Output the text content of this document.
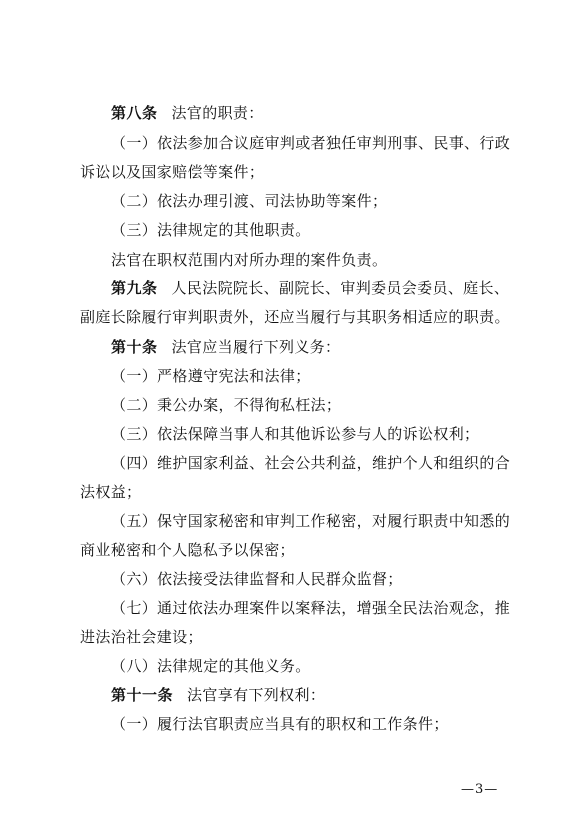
第八条 法官的职责：
（一）依法参加合议庭审判或者独任审判刑事、民事、行政
诉讼以及国家赔偿等案件；
（二）依法办理引渡、司法协助等案件；
（三）法律规定的其他职责。
法官在职权范围内对所办理的案件负责。
第九条 人民法院院长、副院长、审判委员会委员、庭长、
副庭长除履行审判职责外，还应当履行与其职务相适应的职责。
第十条 法官应当履行下列义务：
（一）严格遵守宪法和法律；
（二）秉公办案，不得徇私枉法；
（三）依法保障当事人和其他诉讼参与人的诉讼权利；
（四）维护国家利益、社会公共利益，维护个人和组织的合
法权益；
（五）保守国家秘密和审判工作秘密，对履行职责中知悉的
商业秘密和个人隐私予以保密；
（六）依法接受法律监督和人民群众监督；
（七）通过依法办理案件以案释法，增强全民法治观念，推
进法治社会建设；
（八）法律规定的其他义务。
第十一条 法官享有下列权利：
（一）履行法官职责应当具有的职权和工作条件；
—3—
